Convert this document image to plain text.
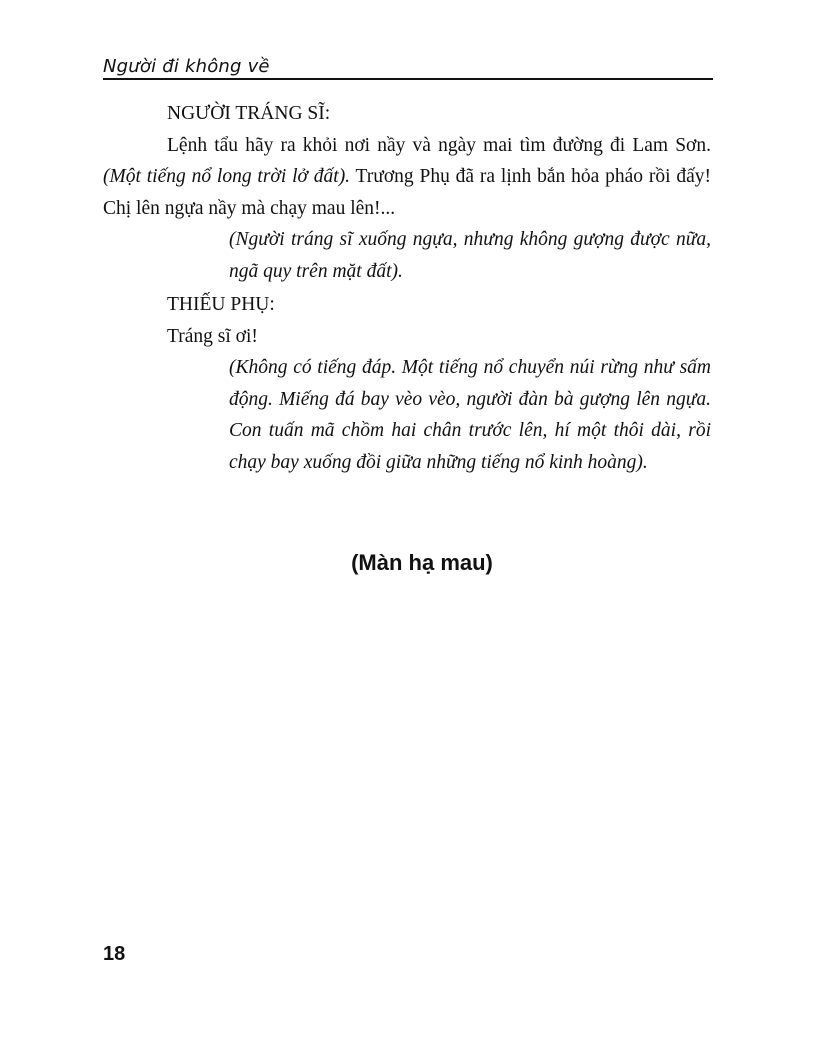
Người đi không về

NGƯỜI TRÁNG SĨ:

Lệnh tẩu hãy ra khỏi nơi nầy và ngày mai tìm đường đi Lam Sơn. (Một tiếng nổ long trời lở đất). Trương Phụ đã ra lịnh bắn hỏa pháo rồi đấy! Chị lên ngựa nầy mà chạy mau lên!...

(Người tráng sĩ xuống ngựa, nhưng không gượng được nữa, ngã quy trên mặt đất).

THIẾU PHỤ:

Tráng sĩ ơi!

(Không có tiếng đáp. Một tiếng nổ chuyển núi rừng như sấm động. Miếng đá bay vèo vèo, người đàn bà gượng lên ngựa. Con tuấn mã chồm hai chân trước lên, hí một thôi dài, rồi chạy bay xuống đồi giữa những tiếng nổ kinh hoàng).

(Màn hạ mau)
18
